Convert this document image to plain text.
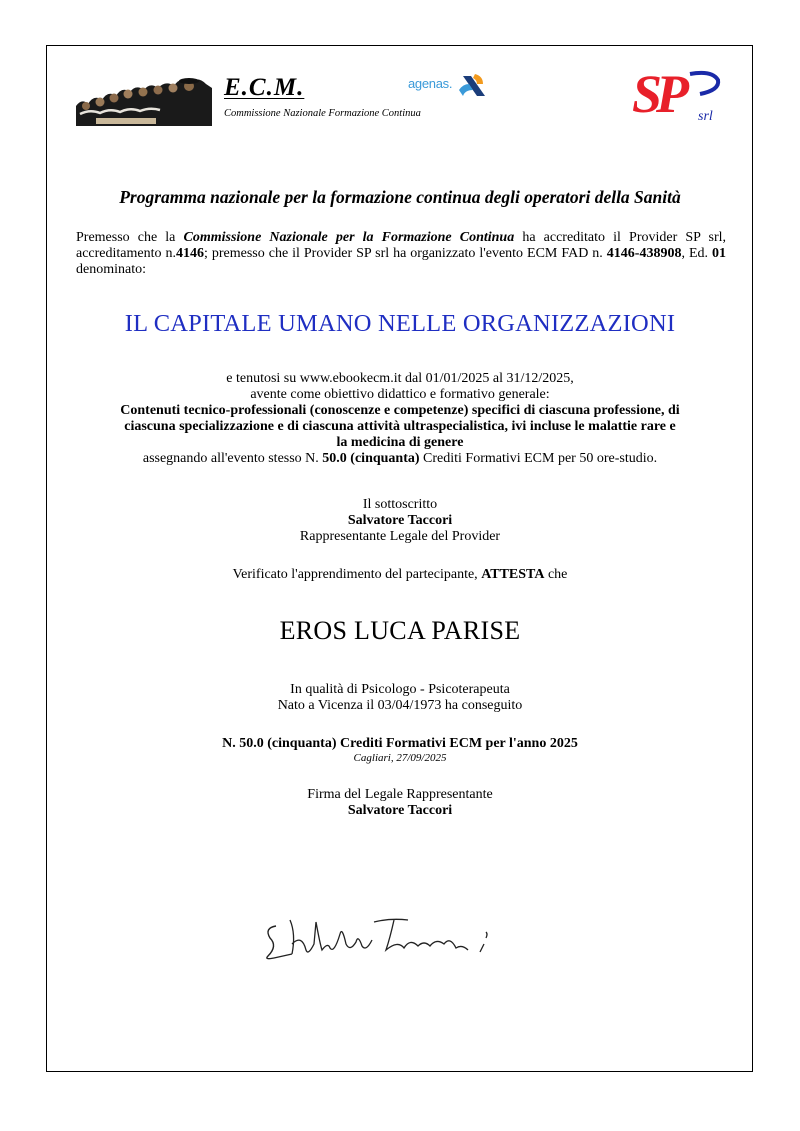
E.C.M.
Commissione Nazionale Formazione Continua
agenas.	SP	srl
Programma nazionale per la formazione continua degli operatori della Sanità
Premesso che la Commissione Nazionale per la Formazione Continua ha accreditato il Provider SP srl, accreditamento n.4146; premesso che il Provider SP srl ha organizzato l'evento ECM FAD n. 4146-438908, Ed. 01 denominato:
IL CAPITALE UMANO NELLE ORGANIZZAZIONI
e tenutosi su www.ebookecm.it dal 01/01/2025 al 31/12/2025,
avente come obiettivo didattico e formativo generale:
Contenuti tecnico-professionali (conoscenze e competenze) specifici di ciascuna professione, di
ciascuna specializzazione e di ciascuna attività ultraspecialistica, ivi incluse le malattie rare e
la medicina di genere
assegnando all'evento stesso N. 50.0 (cinquanta) Crediti Formativi ECM per 50 ore-studio.
Il sottoscritto
Salvatore Taccori
Rappresentante Legale del Provider
Verificato l'apprendimento del partecipante, ATTESTA che
EROS LUCA PARISE
In qualità di Psicologo - Psicoterapeuta
Nato a Vicenza il 03/04/1973 ha conseguito
N. 50.0 (cinquanta) Crediti Formativi ECM per l'anno 2025
Cagliari, 27/09/2025
Firma del Legale Rappresentante
Salvatore Taccori
